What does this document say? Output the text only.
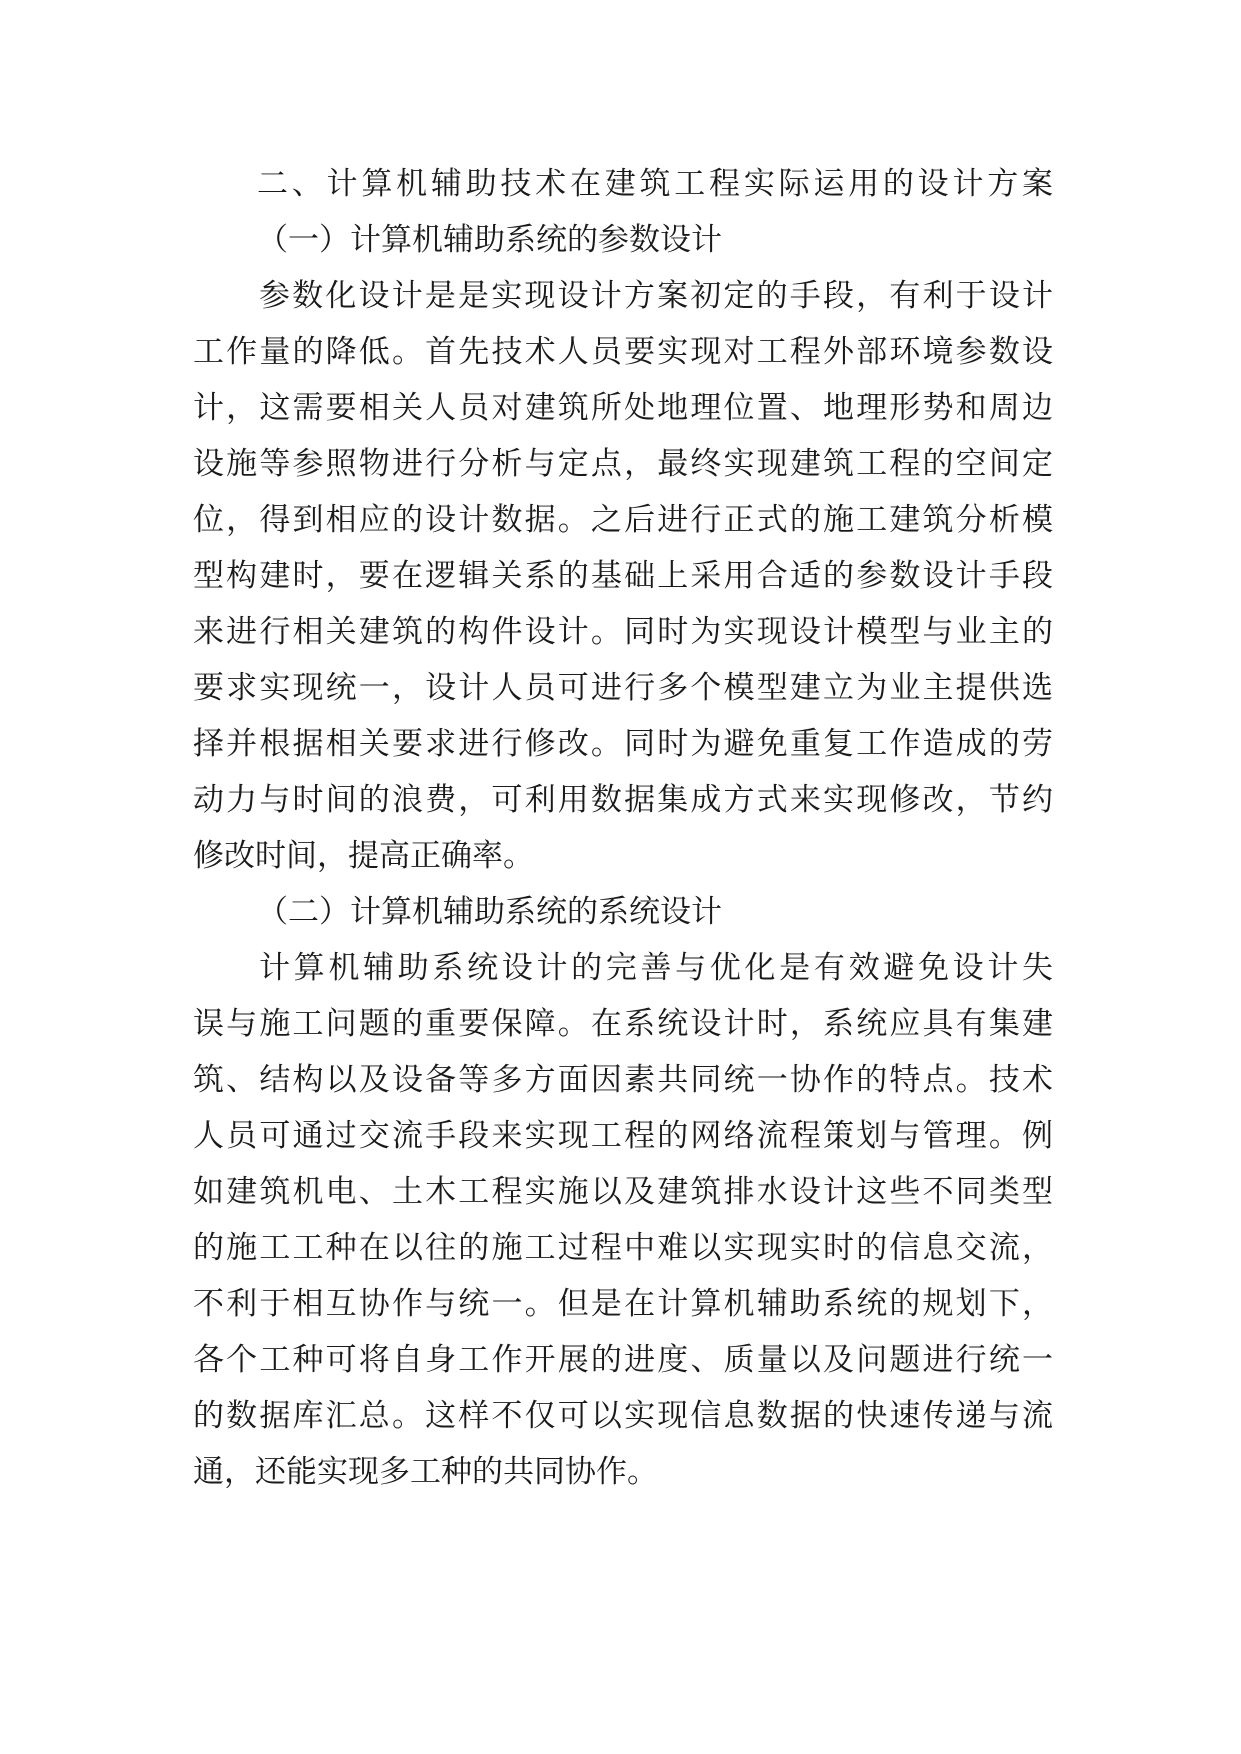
二、计算机辅助技术在建筑工程实际运用的设计方案
（一）计算机辅助系统的参数设计
参数化设计是是实现设计方案初定的手段，有利于设计
工作量的降低。首先技术人员要实现对工程外部环境参数设
计，这需要相关人员对建筑所处地理位置、地理形势和周边
设施等参照物进行分析与定点，最终实现建筑工程的空间定
位，得到相应的设计数据。之后进行正式的施工建筑分析模
型构建时，要在逻辑关系的基础上采用合适的参数设计手段
来进行相关建筑的构件设计。同时为实现设计模型与业主的
要求实现统一，设计人员可进行多个模型建立为业主提供选
择并根据相关要求进行修改。同时为避免重复工作造成的劳
动力与时间的浪费，可利用数据集成方式来实现修改，节约
修改时间，提高正确率。
（二）计算机辅助系统的系统设计
计算机辅助系统设计的完善与优化是有效避免设计失
误与施工问题的重要保障。在系统设计时，系统应具有集建
筑、结构以及设备等多方面因素共同统一协作的特点。技术
人员可通过交流手段来实现工程的网络流程策划与管理。例
如建筑机电、土木工程实施以及建筑排水设计这些不同类型
的施工工种在以往的施工过程中难以实现实时的信息交流，
不利于相互协作与统一。但是在计算机辅助系统的规划下，
各个工种可将自身工作开展的进度、质量以及问题进行统一
的数据库汇总。这样不仅可以实现信息数据的快速传递与流
通，还能实现多工种的共同协作。
